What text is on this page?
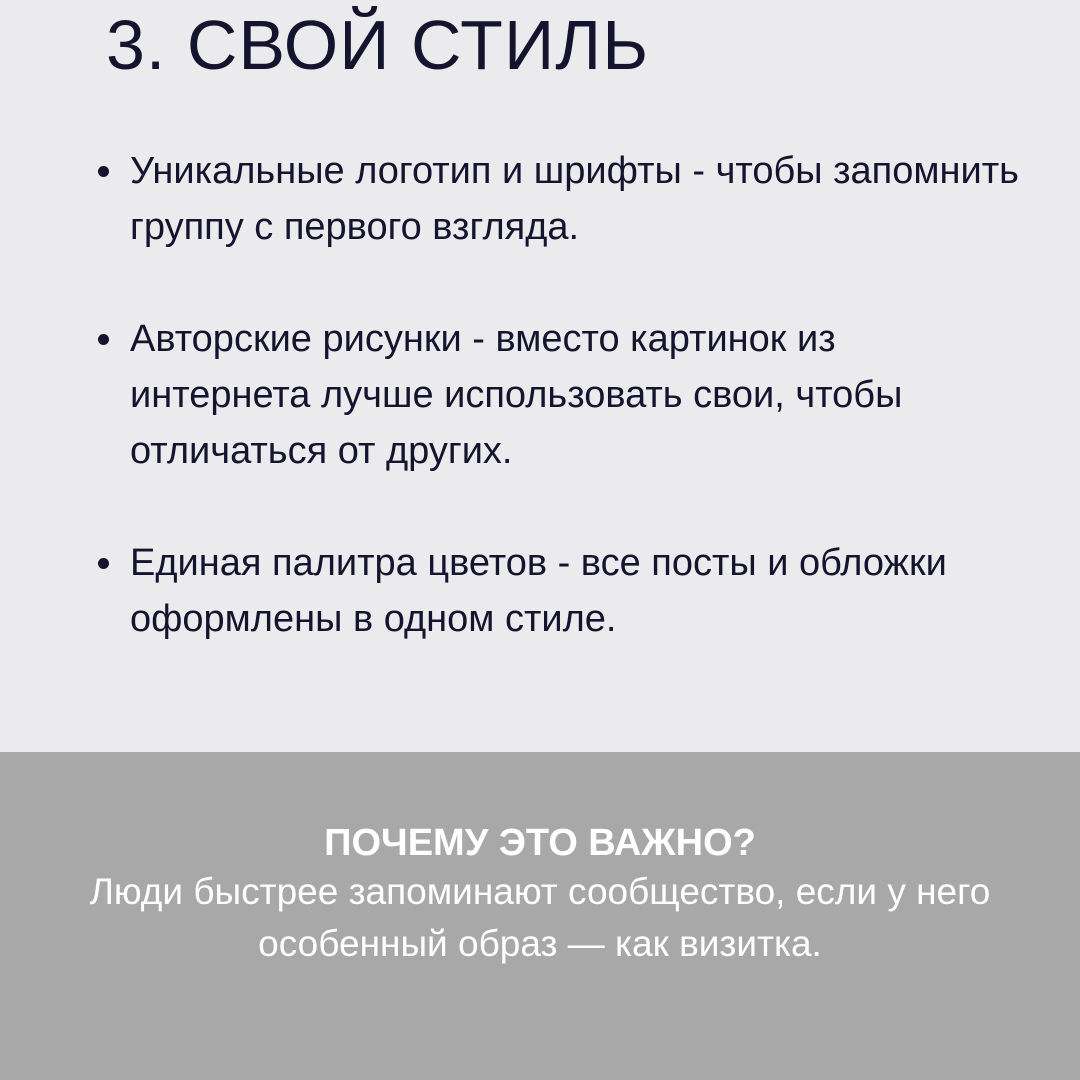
3. СВОЙ СТИЛЬ
Уникальные логотип и шрифты - чтобы запомнить группу с первого взгляда.
Авторские рисунки - вместо картинок из интернета лучше использовать свои, чтобы отличаться от других.
Единая палитра цветов - все посты и обложки оформлены в одном стиле.

ПОЧЕМУ ЭТО ВАЖНО?

Люди быстрее запоминают сообщество, если у него особенный образ — как визитка.
